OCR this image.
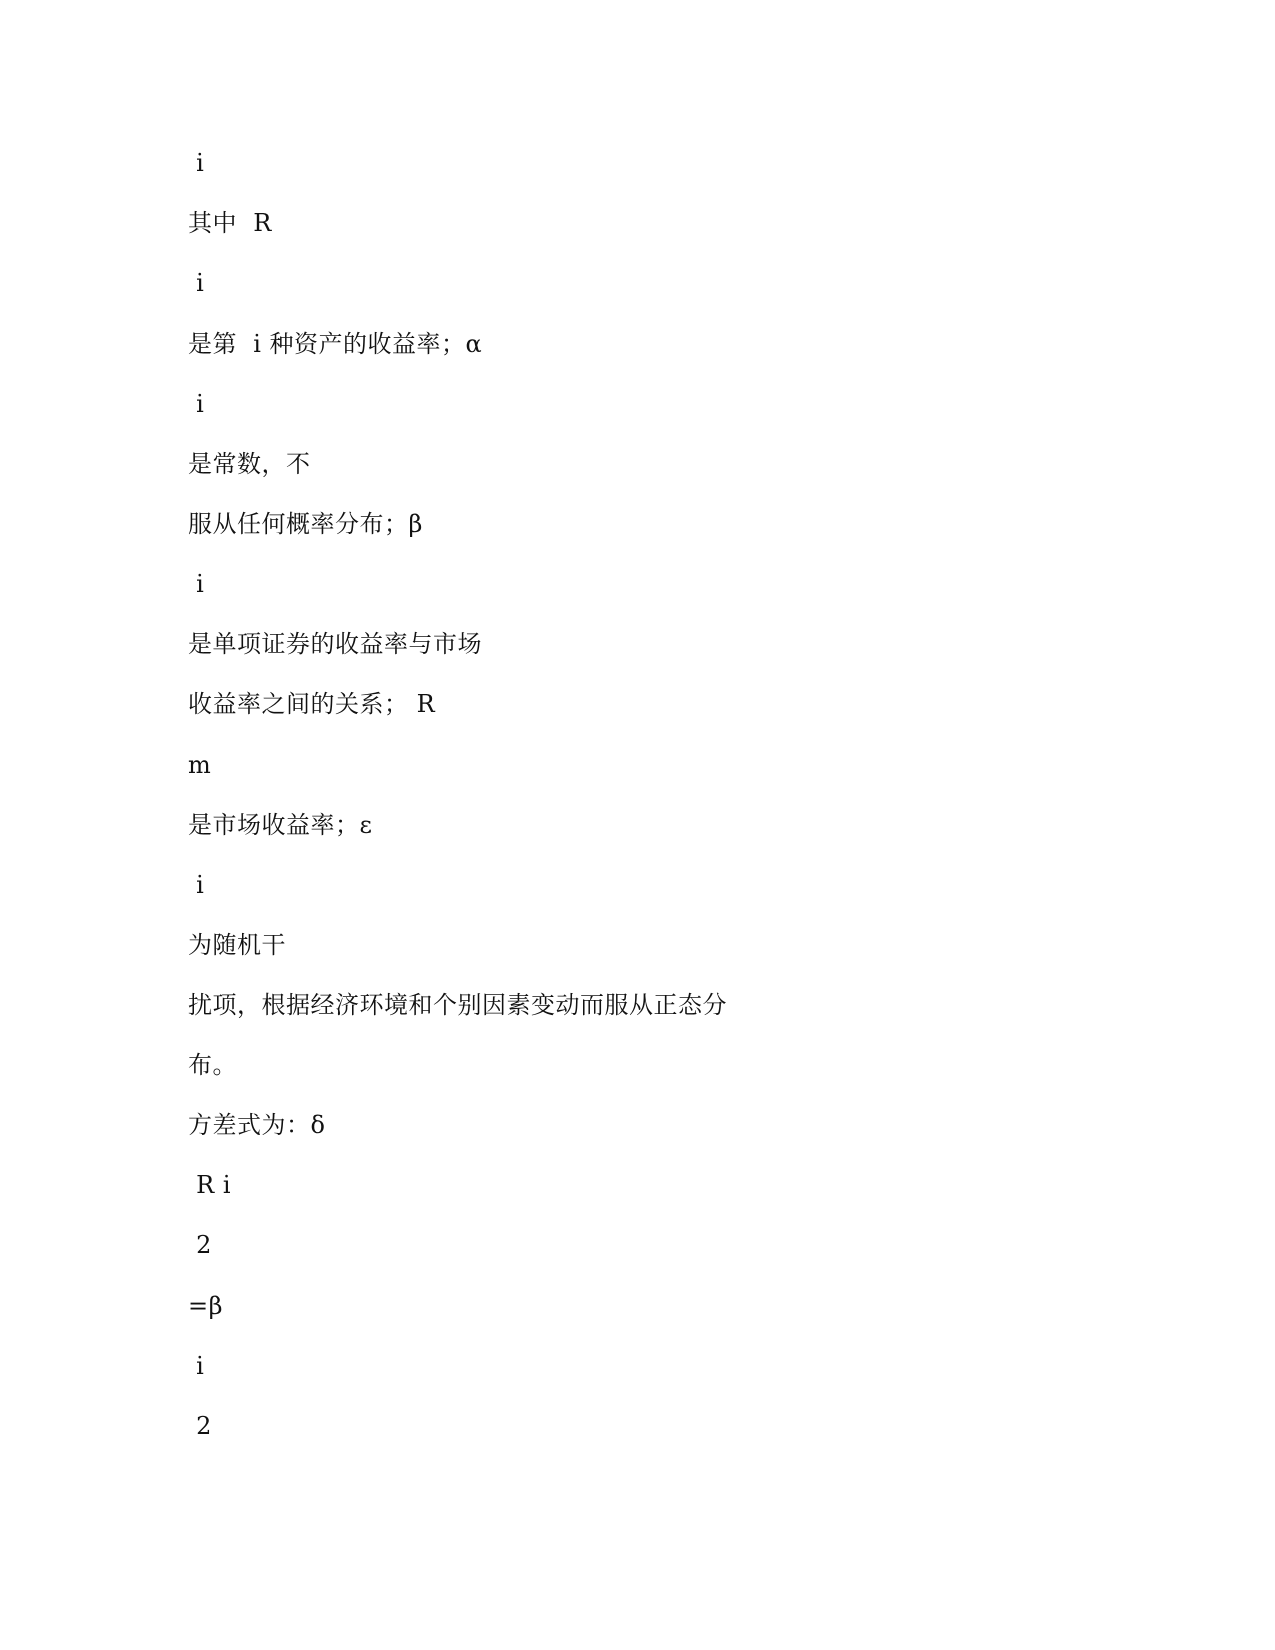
i
其中  R
i
是第  i 种资产的收益率；α
i
是常数，不
服从任何概率分布；β
i
是单项证券的收益率与市场
收益率之间的关系； R
m
是市场收益率；ε
i
为随机干
扰项，根据经济环境和个别因素变动而服从正态分
布。
方差式为：δ
R i
2
=β
i
2
